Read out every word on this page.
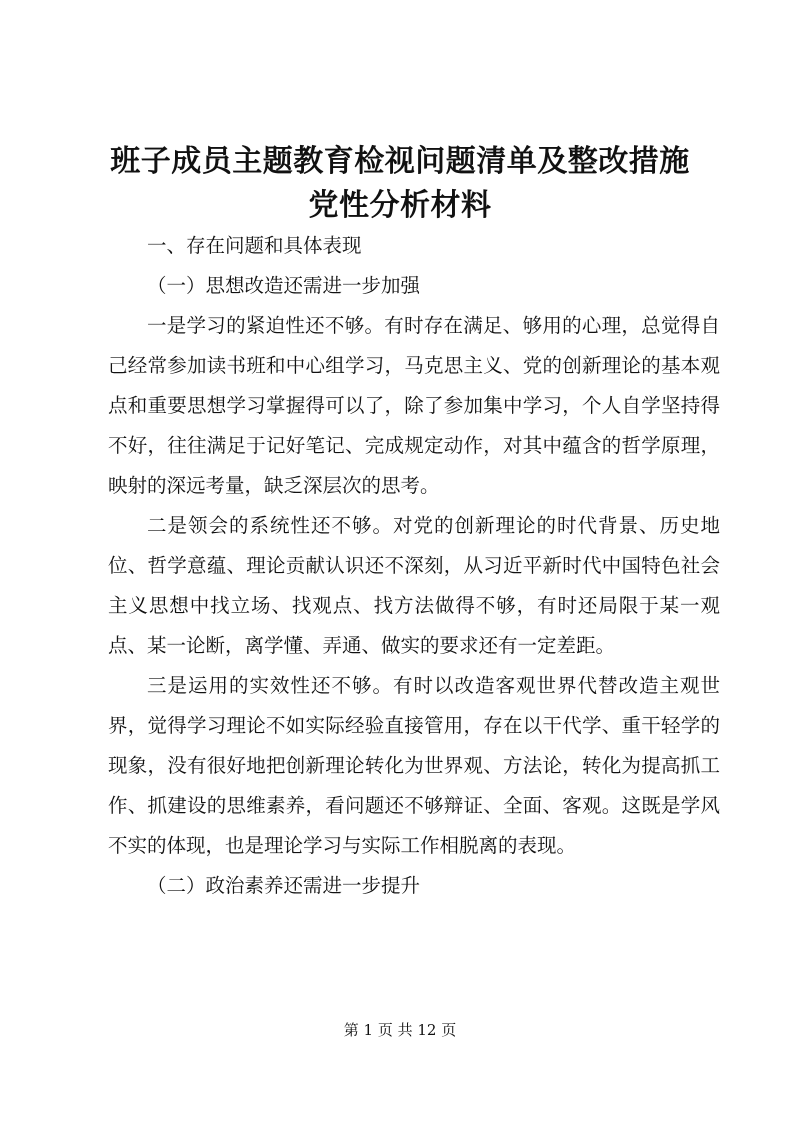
班子成员主题教育检视问题清单及整改措施党性分析材料

一、存在问题和具体表现

（一）思想改造还需进一步加强

一是学习的紧迫性还不够。有时存在满足、够用的心理，总觉得自己经常参加读书班和中心组学习，马克思主义、党的创新理论的基本观点和重要思想学习掌握得可以了，除了参加集中学习，个人自学坚持得不好，往往满足于记好笔记、完成规定动作，对其中蕴含的哲学原理，映射的深远考量，缺乏深层次的思考。

二是领会的系统性还不够。对党的创新理论的时代背景、历史地位、哲学意蕴、理论贡献认识还不深刻，从习近平新时代中国特色社会主义思想中找立场、找观点、找方法做得不够，有时还局限于某一观点、某一论断，离学懂、弄通、做实的要求还有一定差距。

三是运用的实效性还不够。有时以改造客观世界代替改造主观世界，觉得学习理论不如实际经验直接管用，存在以干代学、重干轻学的现象，没有很好地把创新理论转化为世界观、方法论，转化为提高抓工作、抓建设的思维素养，看问题还不够辩证、全面、客观。这既是学风不实的体现，也是理论学习与实际工作相脱离的表现。

（二）政治素养还需进一步提升

第 1 页 共 12 页
